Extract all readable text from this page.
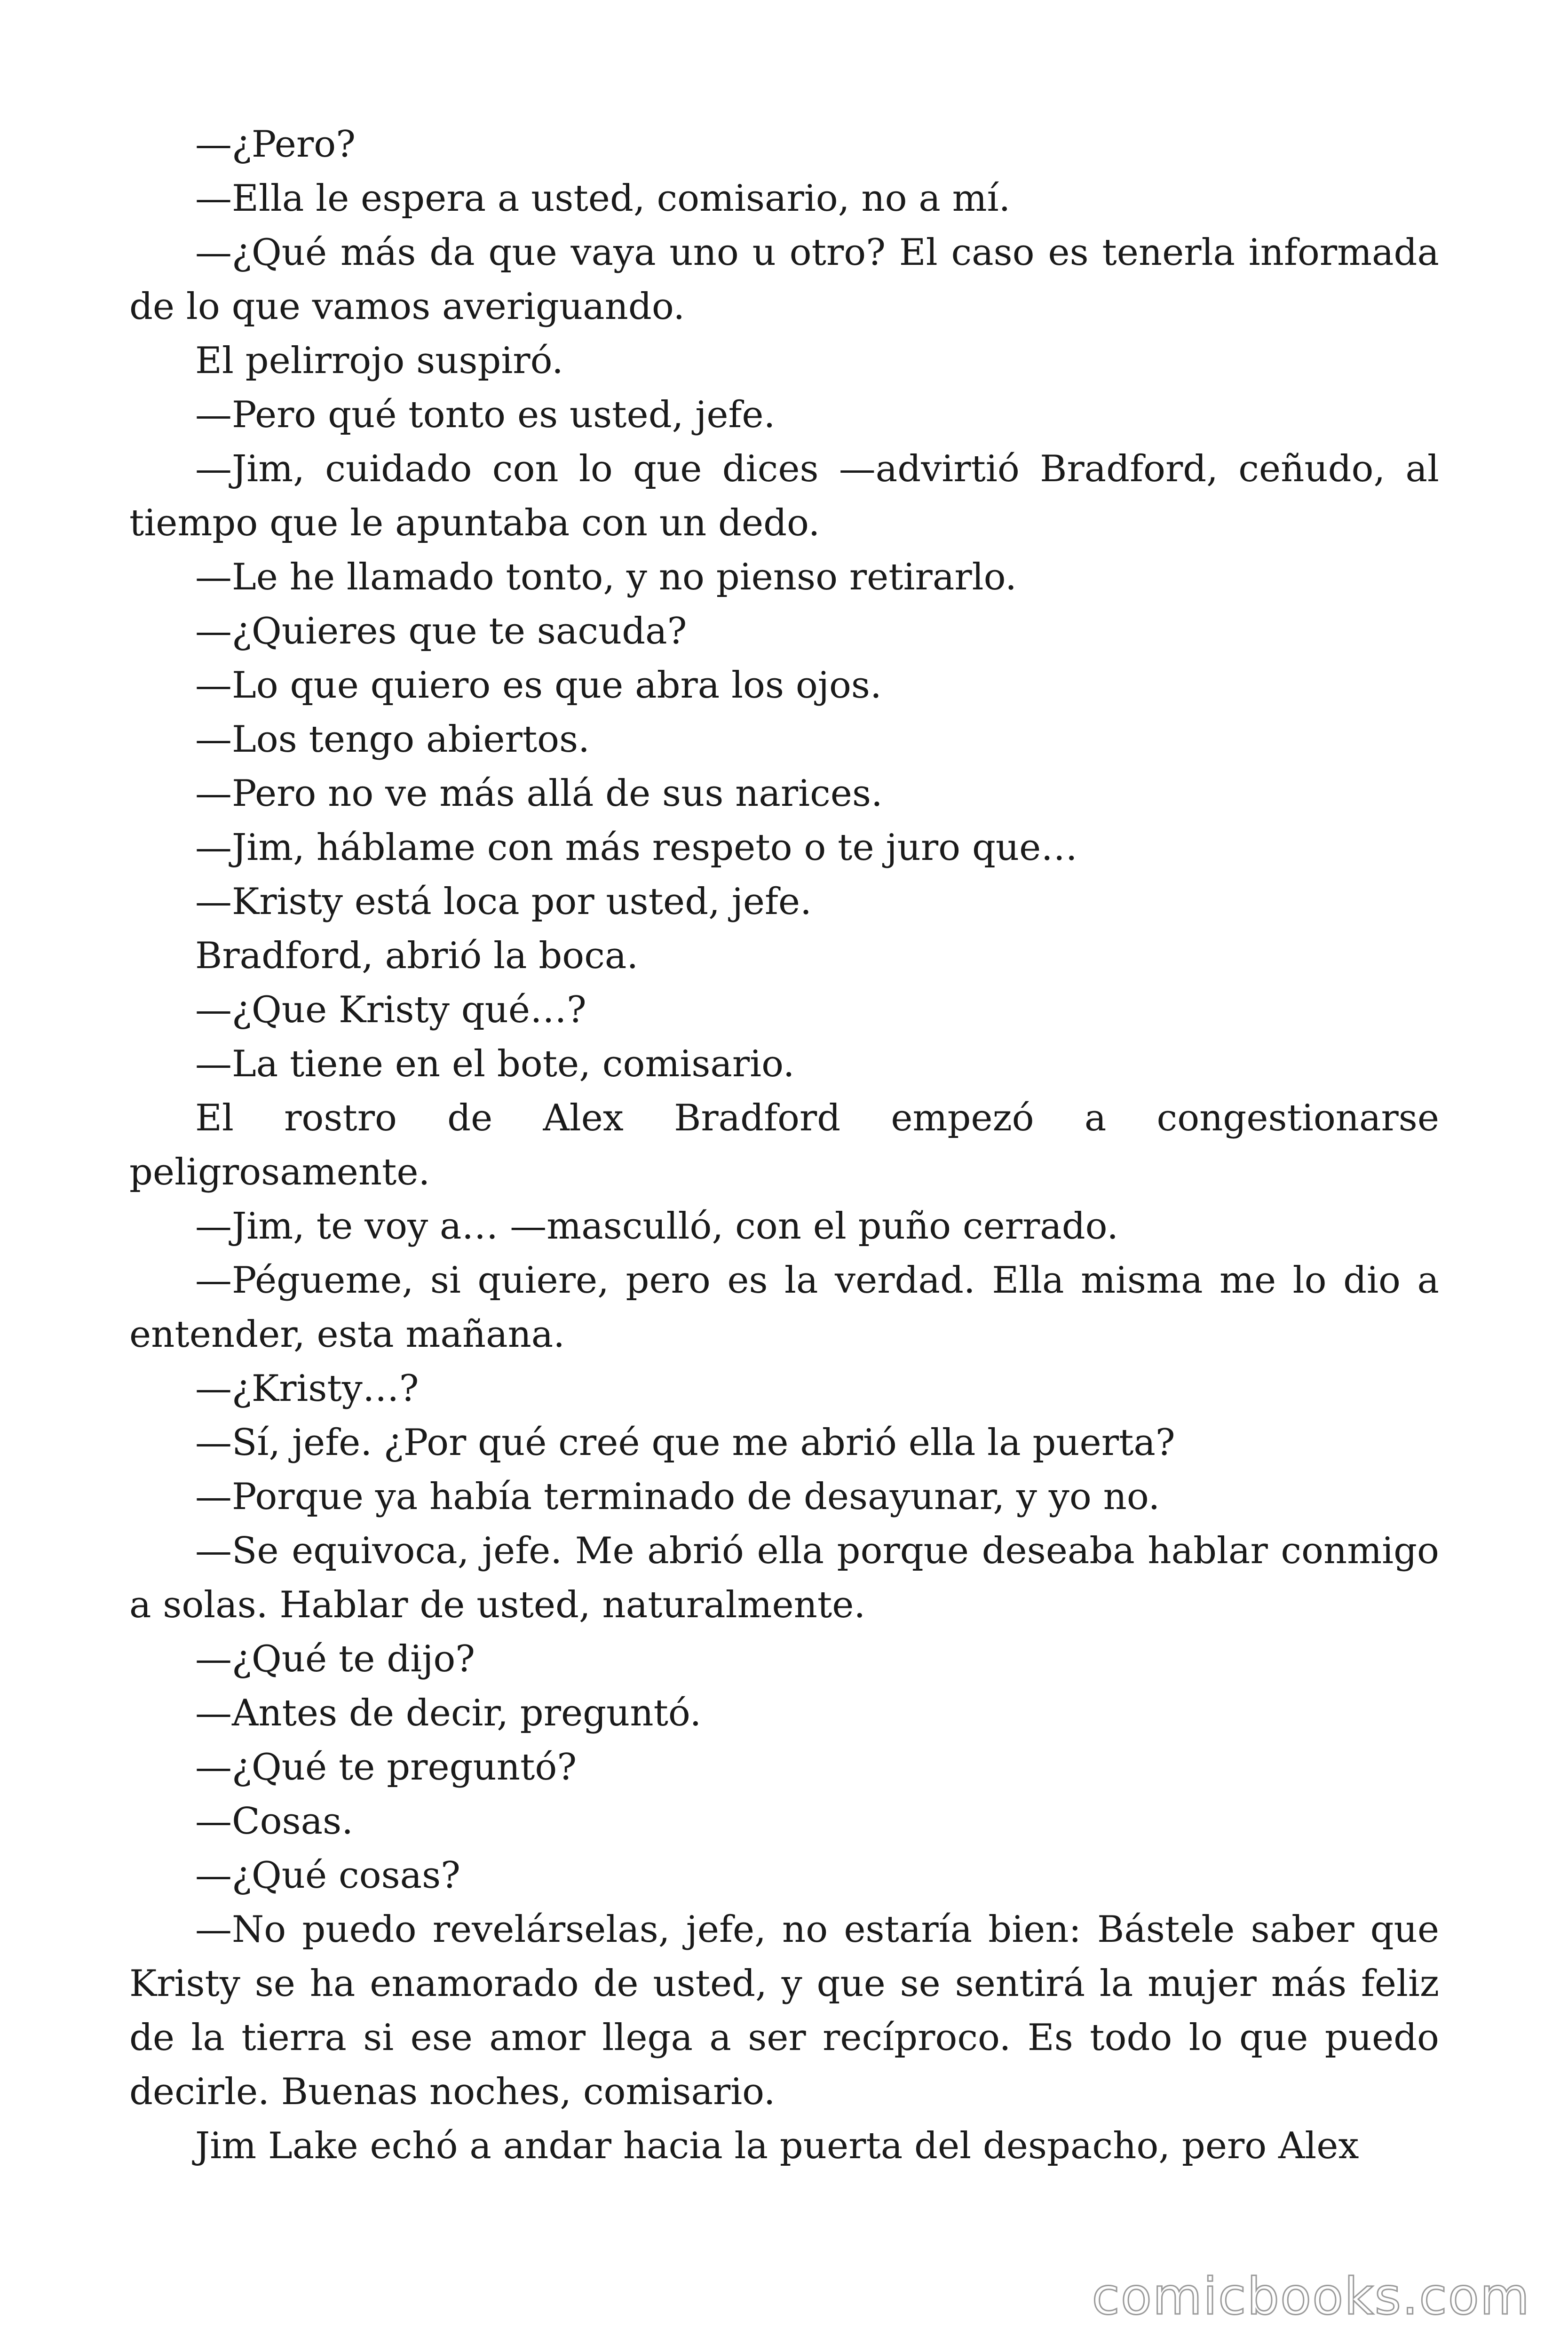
—¿Pero?

—Ella le espera a usted, comisario, no a mí.

—¿Qué más da que vaya uno u otro? El caso es tenerla informada de lo que vamos averiguando.

El pelirrojo suspiró.

—Pero qué tonto es usted, jefe.

—Jim, cuidado con lo que dices —advirtió Bradford, ceñudo, al tiempo que le apuntaba con un dedo.

—Le he llamado tonto, y no pienso retirarlo.

—¿Quieres que te sacuda?

—Lo que quiero es que abra los ojos.

—Los tengo abiertos.

—Pero no ve más allá de sus narices.

—Jim, háblame con más respeto o te juro que…

—Kristy está loca por usted, jefe.

Bradford, abrió la boca.

—¿Que Kristy qué…?

—La tiene en el bote, comisario.

El rostro de Alex Bradford empezó a congestionarse peligrosamente.

—Jim, te voy a… —masculló, con el puño cerrado.

—Pégueme, si quiere, pero es la verdad. Ella misma me lo dio a entender, esta mañana.

—¿Kristy…?

—Sí, jefe. ¿Por qué creé que me abrió ella la puerta?

—Porque ya había terminado de desayunar, y yo no.

—Se equivoca, jefe. Me abrió ella porque deseaba hablar conmigo a solas. Hablar de usted, naturalmente.

—¿Qué te dijo?

—Antes de decir, preguntó.

—¿Qué te preguntó?

—Cosas.

—¿Qué cosas?

—No puedo revelárselas, jefe, no estaría bien: Bástele saber que Kristy se ha enamorado de usted, y que se sentirá la mujer más feliz de la tierra si ese amor llega a ser recíproco. Es todo lo que puedo decirle. Buenas noches, comisario.

Jim Lake echó a andar hacia la puerta del despacho, pero Alex

comicbooks.com
